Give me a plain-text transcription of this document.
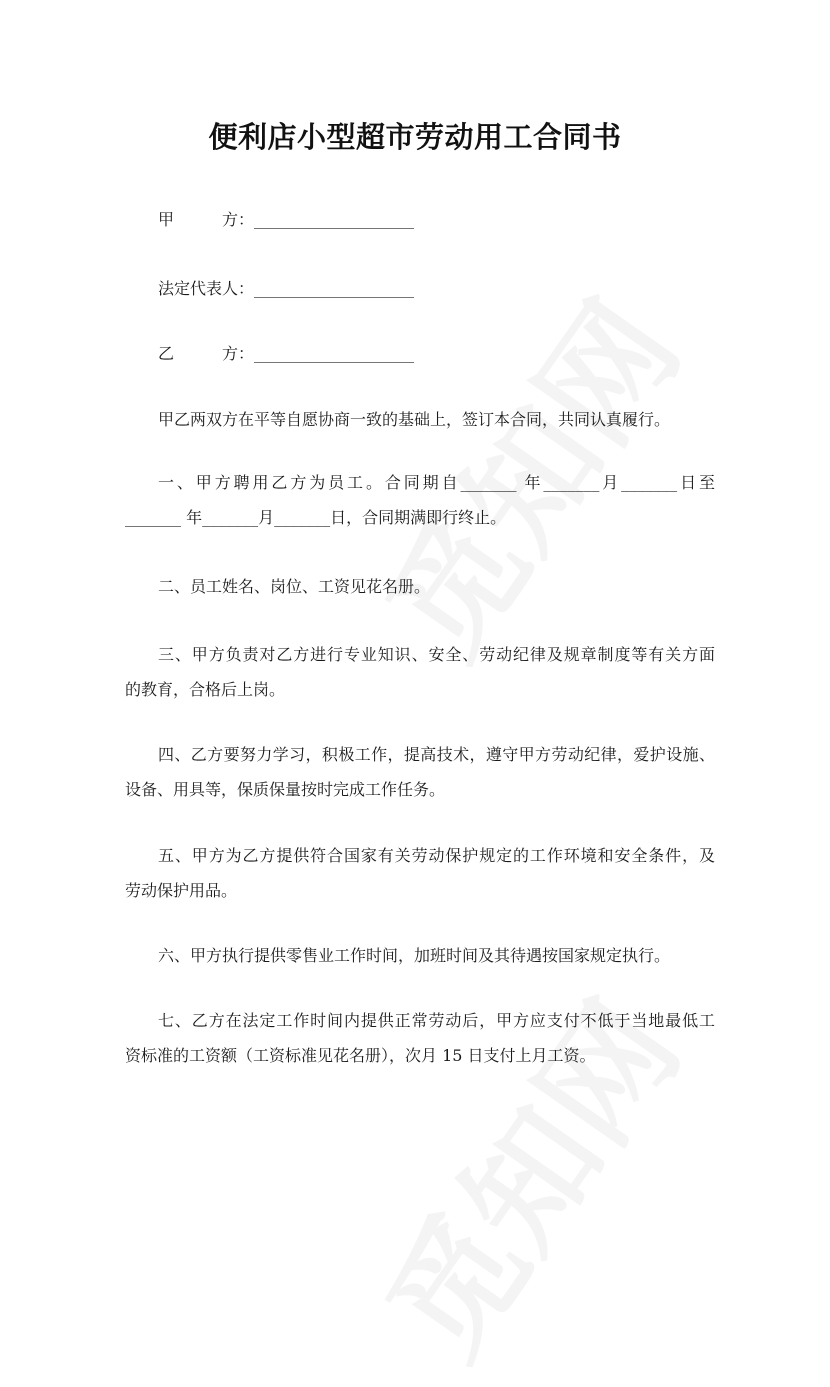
便利店小型超市劳动用工合同书
甲　　　方：____________________
法定代表人：____________________
乙　　　方：____________________
甲乙两双方在平等自愿协商一致的基础上，签订本合同，共同认真履行。
一、甲方聘用乙方为员工。合同期自_______ 年_______月_______日至
_______ 年_______月_______日，合同期满即行终止。
二、员工姓名、岗位、工资见花名册。
三、甲方负责对乙方进行专业知识、安全、劳动纪律及规章制度等有关方面
的教育，合格后上岗。
四、乙方要努力学习，积极工作，提高技术，遵守甲方劳动纪律，爱护设施、
设备、用具等，保质保量按时完成工作任务。
五、甲方为乙方提供符合国家有关劳动保护规定的工作环境和安全条件，及
劳动保护用品。
六、甲方执行提供零售业工作时间，加班时间及其待遇按国家规定执行。
七、乙方在法定工作时间内提供正常劳动后，甲方应支付不低于当地最低工
资标准的工资额（工资标准见花名册），次月 15 日支付上月工资。
